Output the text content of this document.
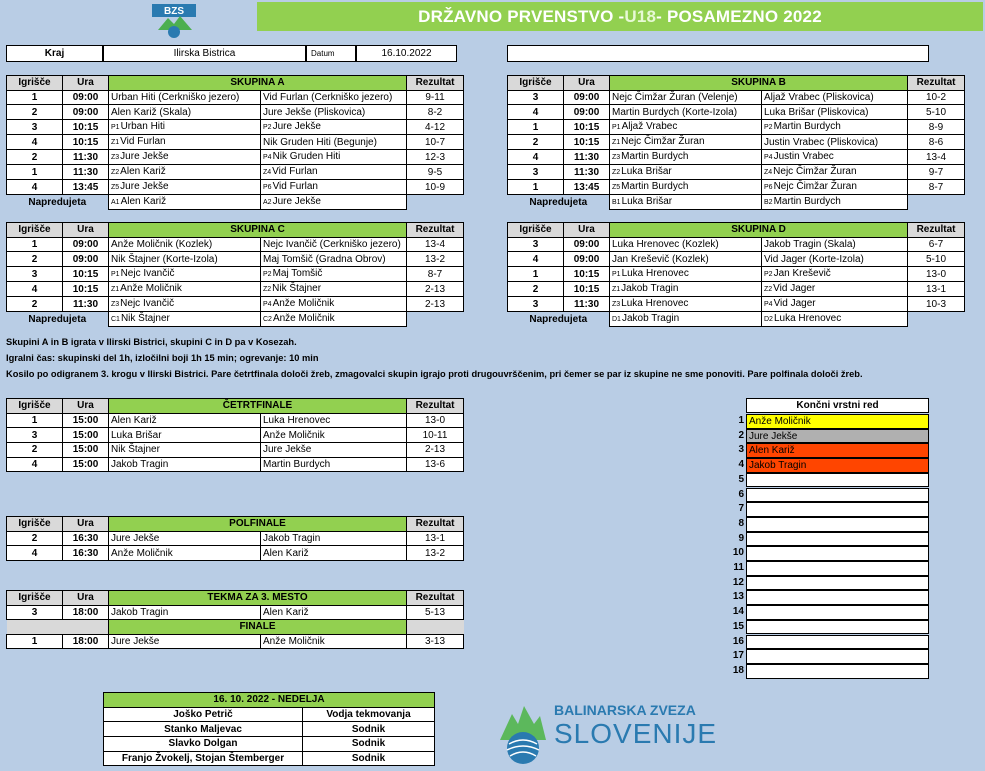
BZS	DRŽAVNO PRVENSTVO - U18 - POSAMEZNO 2022
Kraj	Ilirska Bistrica	Datum	16.10.2022
Skupini A in B igrata v Ilirski Bistrici, skupini C in D pa v Kosezah.
Igralni čas: skupinski del 1h, izločilni boji 1h 15 min; ogrevanje: 10 min
Kosilo po odigranem 3. krogu v Ilirski Bistrici. Pare četrtfinala določi žreb, zmagovalci skupin igrajo proti drugouvrščenim, pri čemer se par iz skupine ne sme ponoviti. Pare polfinala določi žreb.
Končni vrstni red
1 Anže Moličnik
2 Jure Jekše
3 Alen Kariž
4 Jakob Tragin
5
6
7
8
9
10
11
12
13
14
15
16
17
18
16. 10. 2022 - NEDELJA	
Joško Petrič	Vodja tekmovanja
Stanko Maljevac	Sodnik
Slavko Dolgan	Sodnik
Franjo Žvokelj, Stojan Štemberger	Sodnik
BALINARSKA ZVEZA
SLOVENIJE
Igrišče	Ura	SKUPINA A		Rezultat
1	09:00	Urban Hiti (Cerkniško jezero)	Vid Furlan (Cerkniško jezero)	9-11
2	09:00	Alen Kariž (Skala)	Jure Jekše (Pliskovica)	8-2
3	10:15	P1Urban Hiti	P2Jure Jekše	4-12
4	10:15	Z1Vid Furlan	Nik Gruden Hiti (Begunje)	10-7
2	11:30	Z3Jure Jekše	P4Nik Gruden Hiti	12-3
1	11:30	Z2Alen Kariž	Z4Vid Furlan	9-5
4	13:45	Z5Jure Jekše	P6Vid Furlan	10-9
Napredujeta		A1Alen Kariž	A2Jure Jekše	
Igrišče	Ura	SKUPINA B		Rezultat
3	09:00	Nejc Čimžar Žuran (Velenje)	Aljaž Vrabec (Pliskovica)	10-2
4	09:00	Martin Burdych (Korte-Izola)	Luka Brišar (Pliskovica)	5-10
1	10:15	P1Aljaž Vrabec	P2Martin Burdych	8-9
2	10:15	Z1Nejc Čimžar Žuran	Justin Vrabec (Pliskovica)	8-6
4	11:30	Z3Martin Burdych	P4Justin Vrabec	13-4
3	11:30	Z2Luka Brišar	Z4Nejc Čimžar Žuran	9-7
1	13:45	Z5Martin Burdych	P6Nejc Čimžar Žuran	8-7
Napredujeta		B1Luka Brišar	B2Martin Burdych	
Igrišče	Ura	SKUPINA C		Rezultat
1	09:00	Anže Moličnik (Kozlek)	Nejc Ivančič (Cerkniško jezero)	13-4
2	09:00	Nik Štajner (Korte-Izola)	Maj Tomšič (Gradna Obrov)	13-2
3	10:15	P1Nejc Ivančič	P2Maj Tomšič	8-7
4	10:15	Z1Anže Moličnik	Z2Nik Štajner	2-13
2	11:30	Z3Nejc Ivančič	P4Anže Moličnik	2-13
Napredujeta		C1Nik Štajner	C2Anže Moličnik	
Igrišče	Ura	SKUPINA D		Rezultat
3	09:00	Luka Hrenovec (Kozlek)	Jakob Tragin (Skala)	6-7
4	09:00	Jan Kreševič (Kozlek)	Vid Jager (Korte-Izola)	5-10
1	10:15	P1Luka Hrenovec	P2Jan Kreševič	13-0
2	10:15	Z1Jakob Tragin	Z2Vid Jager	13-1
3	11:30	Z3Luka Hrenovec	P4Vid Jager	10-3
Napredujeta		D1Jakob Tragin	D2Luka Hrenovec	
Igrišče	Ura	ČETRTFINALE		Rezultat
1	15:00	Alen Kariž	Luka Hrenovec	13-0
3	15:00	Luka Brišar	Anže Moličnik	10-11
2	15:00	Nik Štajner	Jure Jekše	2-13
4	15:00	Jakob Tragin	Martin Burdych	13-6
Igrišče	Ura	POLFINALE		Rezultat
2	16:30	Jure Jekše	Jakob Tragin	13-1
4	16:30	Anže Moličnik	Alen Kariž	13-2
Igrišče	Ura	TEKMA ZA 3. MESTO		Rezultat
3	18:00	Jakob Tragin	Alen Kariž	5-13
		FINALE		
1	18:00	Jure Jekše	Anže Moličnik	3-13
